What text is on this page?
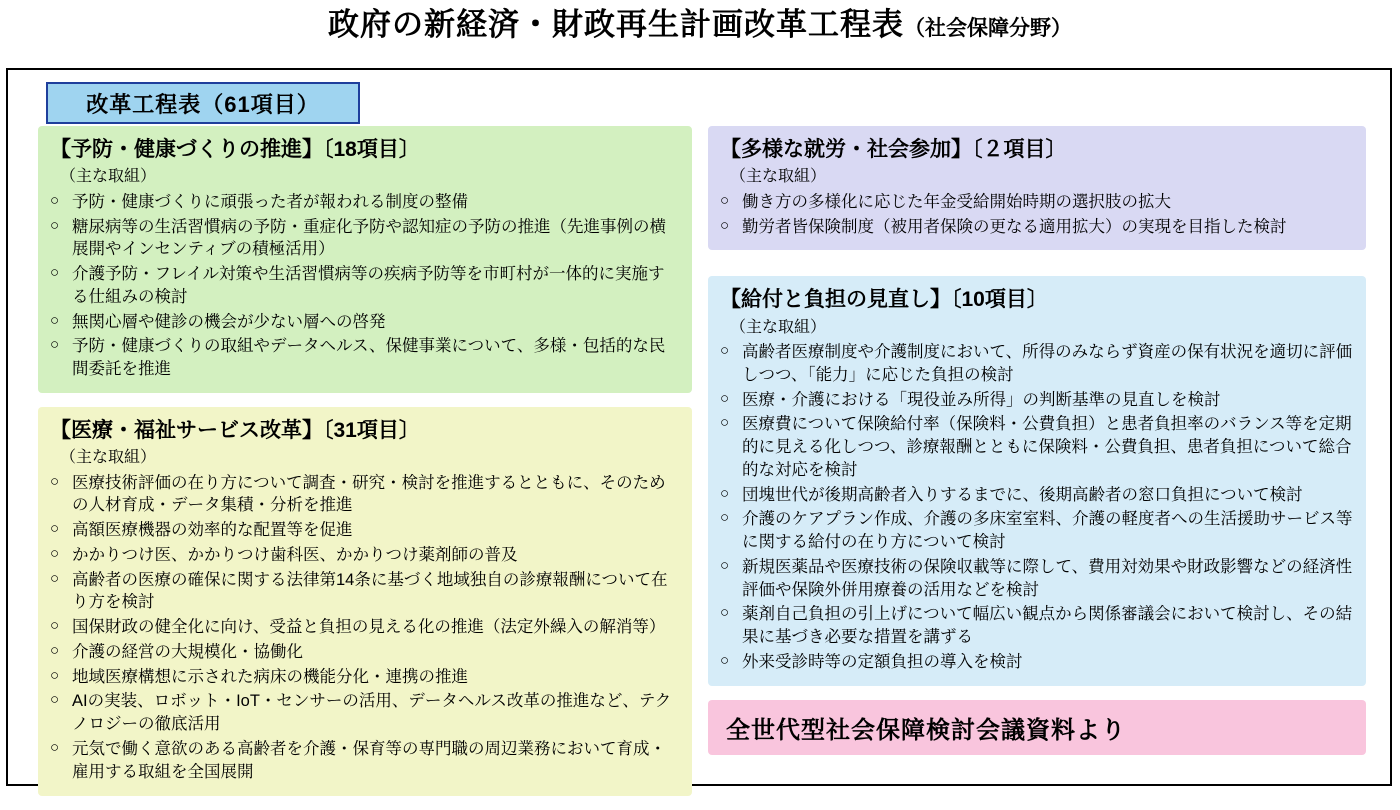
政府の新経済・財政再生計画改革工程表（社会保障分野）
改革工程表（61項目）
【予防・健康づくりの推進】〔18項目〕
（主な取組）
○ 予防・健康づくりに頑張った者が報われる制度の整備
○ 糖尿病等の生活習慣病の予防・重症化予防や認知症の予防の推進（先進事例の横展開やインセンティブの積極活用）
○ 介護予防・フレイル対策や生活習慣病等の疾病予防等を市町村が一体的に実施する仕組みの検討
○ 無関心層や健診の機会が少ない層への啓発
○ 予防・健康づくりの取組やデータヘルス、保健事業について、多様・包括的な民間委託を推進
【医療・福祉サービス改革】〔31項目〕
（主な取組）
○ 医療技術評価の在り方について調査・研究・検討を推進するとともに、そのための人材育成・データ集積・分析を推進
○ 高額医療機器の効率的な配置等を促進
○ かかりつけ医、かかりつけ歯科医、かかりつけ薬剤師の普及
○ 高齢者の医療の確保に関する法律第14条に基づく地域独自の診療報酬について在り方を検討
○ 国保財政の健全化に向け、受益と負担の見える化の推進（法定外繰入の解消等）
○ 介護の経営の大規模化・協働化
○ 地域医療構想に示された病床の機能分化・連携の推進
○ AIの実装、ロボット・IoT・センサーの活用、データヘルス改革の推進など、テクノロジーの徹底活用
○ 元気で働く意欲のある高齢者を介護・保育等の専門職の周辺業務において育成・雇用する取組を全国展開
【多様な就労・社会参加】〔２項目〕
（主な取組）
○ 働き方の多様化に応じた年金受給開始時期の選択肢の拡大
○ 勤労者皆保険制度（被用者保険の更なる適用拡大）の実現を目指した検討
【給付と負担の見直し】〔10項目〕
（主な取組）
○ 高齢者医療制度や介護制度において、所得のみならず資産の保有状況を適切に評価しつつ、「能力」に応じた負担の検討
○ 医療・介護における「現役並み所得」の判断基準の見直しを検討
○ 医療費について保険給付率（保険料・公費負担）と患者負担率のバランス等を定期的に見える化しつつ、診療報酬とともに保険料・公費負担、患者負担について総合的な対応を検討
○ 団塊世代が後期高齢者入りするまでに、後期高齢者の窓口負担について検討
○ 介護のケアプラン作成、介護の多床室室料、介護の軽度者への生活援助サービス等に関する給付の在り方について検討
○ 新規医薬品や医療技術の保険収載等に際して、費用対効果や財政影響などの経済性評価や保険外併用療養の活用などを検討
○ 薬剤自己負担の引上げについて幅広い観点から関係審議会において検討し、その結果に基づき必要な措置を講ずる
○ 外来受診時等の定額負担の導入を検討
全世代型社会保障検討会議資料より
